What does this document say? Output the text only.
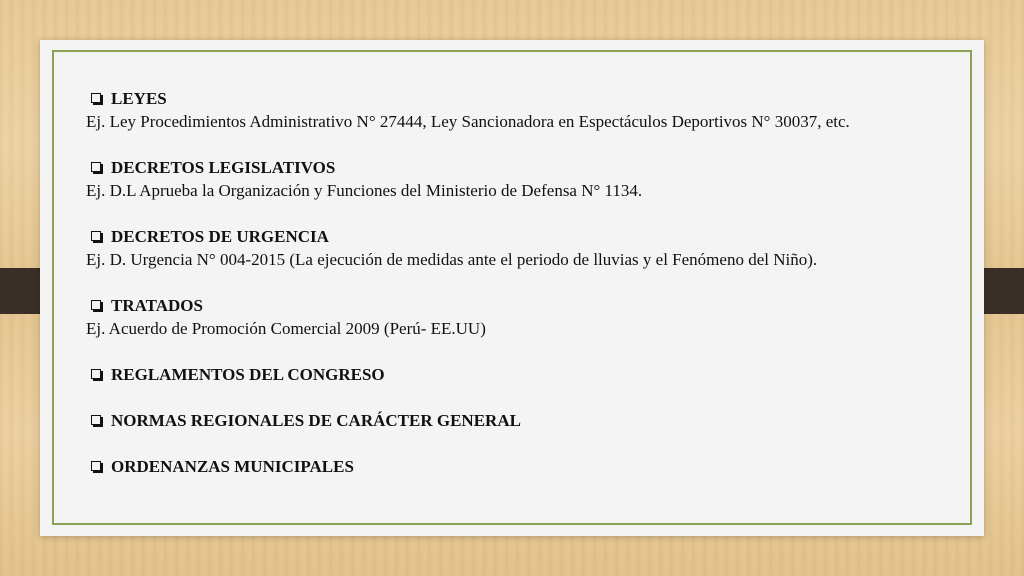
LEYES
Ej. Ley Procedimientos Administrativo N° 27444, Ley Sancionadora en Espectáculos Deportivos N° 30037, etc.
DECRETOS LEGISLATIVOS
Ej. D.L Aprueba la Organización y Funciones del Ministerio de Defensa N° 1134.
DECRETOS DE URGENCIA
Ej. D. Urgencia N° 004-2015 (La ejecución de medidas ante el periodo de lluvias y el Fenómeno del Niño).
TRATADOS
Ej. Acuerdo de Promoción Comercial 2009 (Perú- EE.UU)
REGLAMENTOS DEL CONGRESO
NORMAS REGIONALES DE CARÁCTER GENERAL
ORDENANZAS MUNICIPALES
